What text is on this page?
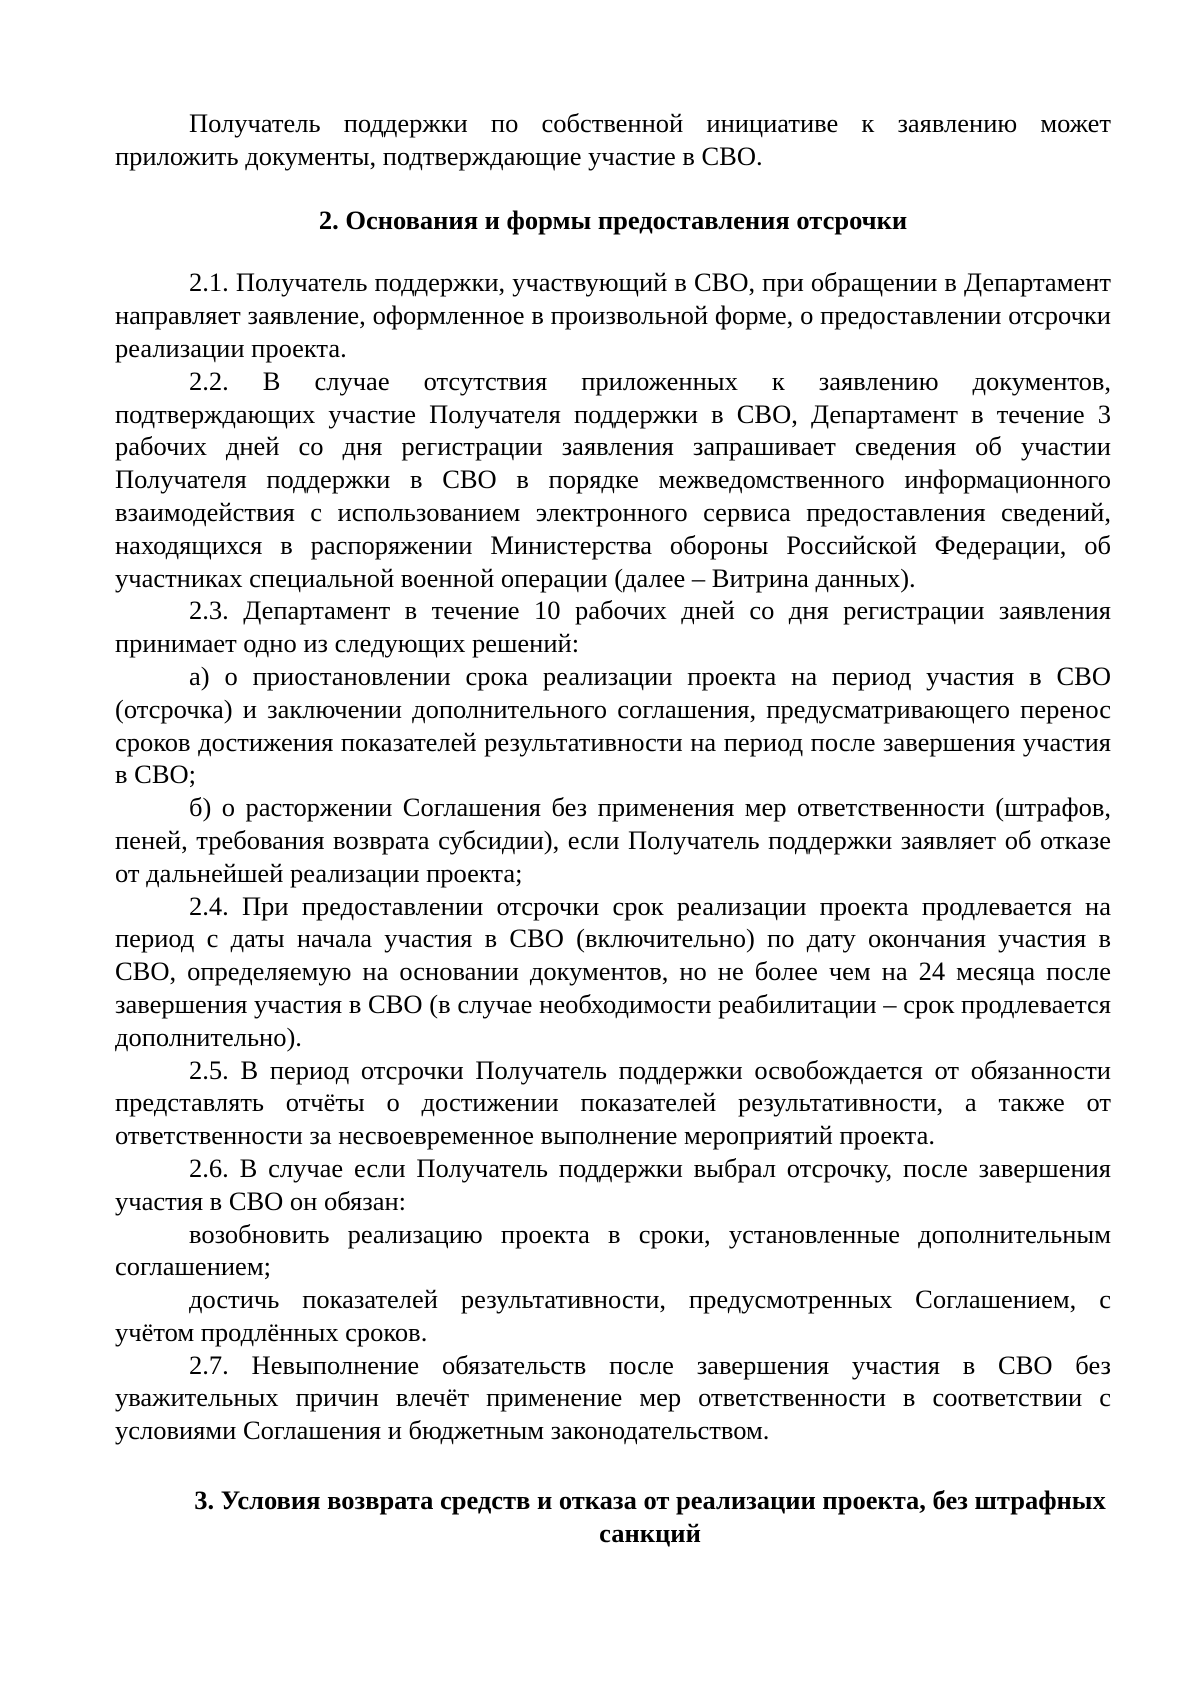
Получатель поддержки по собственной инициативе к заявлению может приложить документы, подтверждающие участие в СВО.

2. Основания и формы предоставления отсрочки

2.1. Получатель поддержки, участвующий в СВО, при обращении в Департамент направляет заявление, оформленное в произвольной форме, о предоставлении отсрочки реализации проекта.

2.2. В случае отсутствия приложенных к заявлению документов, подтверждающих участие Получателя поддержки в СВО, Департамент в течение 3 рабочих дней со дня регистрации заявления запрашивает сведения об участии Получателя поддержки в СВО в порядке межведомственного информационного взаимодействия с использованием электронного сервиса предоставления сведений, находящихся в распоряжении Министерства обороны Российской Федерации, об участниках специальной военной операции (далее – Витрина данных).

2.3. Департамент в течение 10 рабочих дней со дня регистрации заявления принимает одно из следующих решений:

а) о приостановлении срока реализации проекта на период участия в СВО (отсрочка) и заключении дополнительного соглашения, предусматривающего перенос сроков достижения показателей результативности на период после завершения участия в СВО;

б) о расторжении Соглашения без применения мер ответственности (штрафов, пеней, требования возврата субсидии), если Получатель поддержки заявляет об отказе от дальнейшей реализации проекта;

2.4. При предоставлении отсрочки срок реализации проекта продлевается на период с даты начала участия в СВО (включительно) по дату окончания участия в СВО, определяемую на основании документов, но не более чем на 24 месяца после завершения участия в СВО (в случае необходимости реабилитации – срок продлевается дополнительно).

2.5. В период отсрочки Получатель поддержки освобождается от обязанности представлять отчёты о достижении показателей результативности, а также от ответственности за несвоевременное выполнение мероприятий проекта.

2.6. В случае если Получатель поддержки выбрал отсрочку, после завершения участия в СВО он обязан:

возобновить реализацию проекта в сроки, установленные дополнительным соглашением;

достичь показателей результативности, предусмотренных Соглашением, с учётом продлённых сроков.

2.7. Невыполнение обязательств после завершения участия в СВО без уважительных причин влечёт применение мер ответственности в соответствии с условиями Соглашения и бюджетным законодательством.

3. Условия возврата средств и отказа от реализации проекта, без штрафных санкций
